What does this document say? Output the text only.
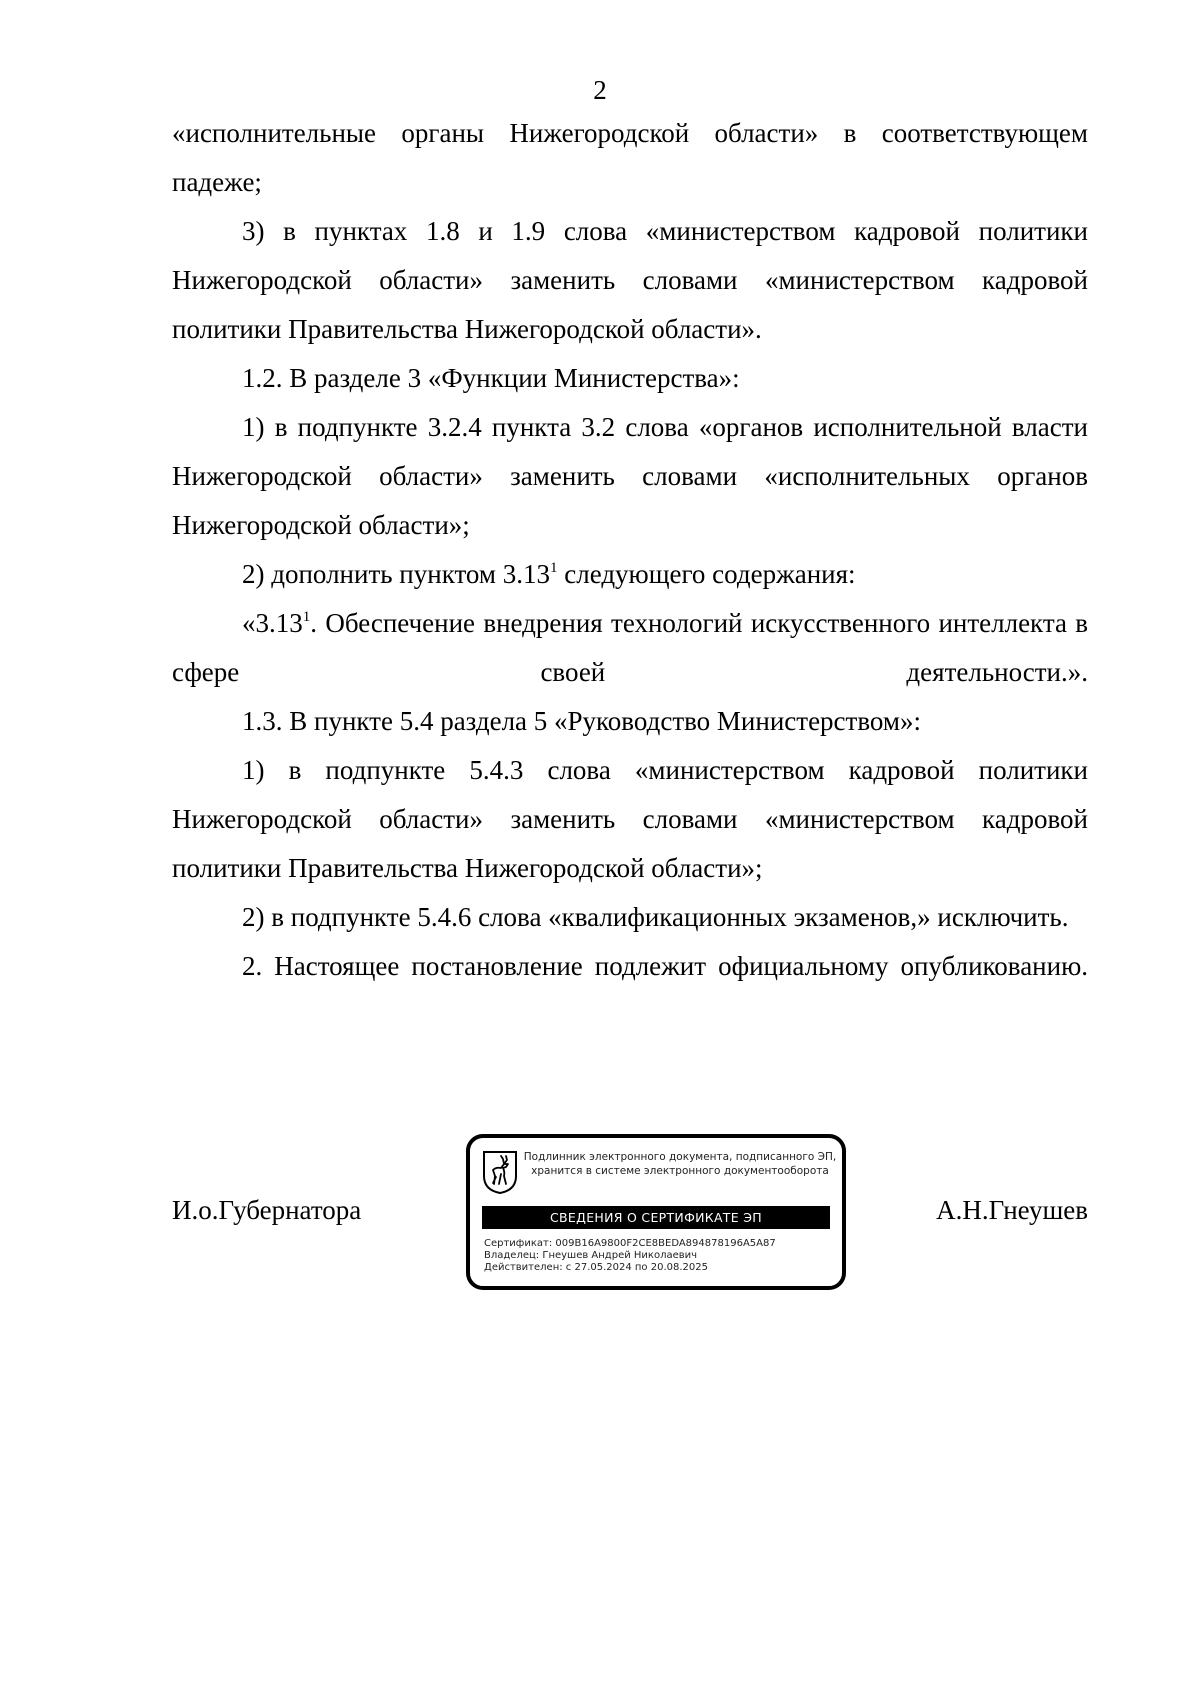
2

«исполнительные органы Нижегородской области» в соответствующем падеже;

3) в пунктах 1.8 и 1.9 слова «министерством кадровой политики Нижегородской области» заменить словами «министерством кадровой политики Правительства Нижегородской области».

1.2. В разделе 3 «Функции Министерства»:

1) в подпункте 3.2.4 пункта 3.2 слова «органов исполнительной власти Нижегородской области» заменить словами «исполнительных органов Нижегородской области»;

2) дополнить пунктом 3.13$^1$ следующего содержания:

«3.13$^1$. Обеспечение внедрения технологий искусственного интеллекта в сфере своей деятельности.».

1.3. В пункте 5.4 раздела 5 «Руководство Министерством»:

1) в подпункте 5.4.3 слова «министерством кадровой политики Нижегородской области» заменить словами «министерством кадровой политики Правительства Нижегородской области»;

2) в подпункте 5.4.6 слова «квалификационных экзаменов,» исключить.

2. Настоящее постановление подлежит официальному опубликованию.

И.о.Губернатора
Подлинник электронного документа, подписанного ЭП,
хранится в системе электронного документооборота
СВЕДЕНИЯ О СЕРТИФИКАТЕ ЭП
Сертификат: 009B16A9800F2CE8BEDA894878196A5A87
Владелец: Гнеушев Андрей Николаевич
Действителен: с 27.05.2024 по 20.08.2025
А.Н.Гнеушев
